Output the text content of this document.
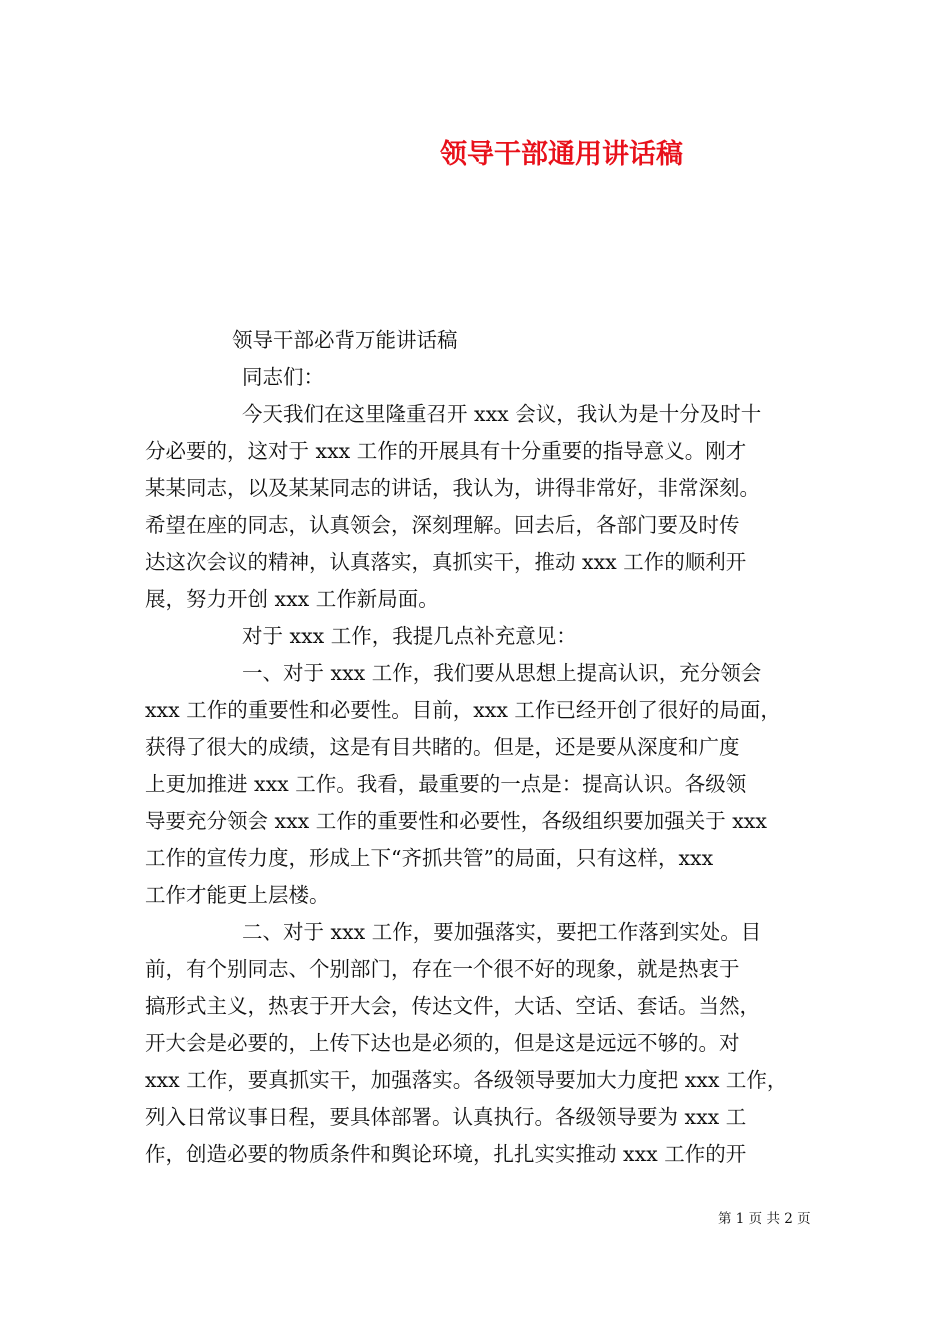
领导干部通用讲话稿
领导干部必背万能讲话稿
同志们：
今天我们在这里隆重召开 xxx 会议，我认为是十分及时十
分必要的，这对于 xxx 工作的开展具有十分重要的指导意义。刚才
某某同志，以及某某同志的讲话，我认为，讲得非常好，非常深刻。
希望在座的同志，认真领会，深刻理解。回去后，各部门要及时传
达这次会议的精神，认真落实，真抓实干，推动 xxx 工作的顺利开
展，努力开创 xxx 工作新局面。
对于 xxx 工作，我提几点补充意见：
一、对于 xxx 工作，我们要从思想上提高认识，充分领会
xxx 工作的重要性和必要性。目前，xxx 工作已经开创了很好的局面，
获得了很大的成绩，这是有目共睹的。但是，还是要从深度和广度
上更加推进 xxx 工作。我看，最重要的一点是：提高认识。各级领
导要充分领会 xxx 工作的重要性和必要性，各级组织要加强关于 xxx
工作的宣传力度，形成上下“齐抓共管”的局面，只有这样，xxx
工作才能更上层楼。
二、对于 xxx 工作，要加强落实，要把工作落到实处。目
前，有个别同志、个别部门，存在一个很不好的现象，就是热衷于
搞形式主义，热衷于开大会，传达文件，大话、空话、套话。当然，
开大会是必要的，上传下达也是必须的，但是这是远远不够的。对
xxx 工作，要真抓实干，加强落实。各级领导要加大力度把 xxx 工作，
列入日常议事日程，要具体部署。认真执行。各级领导要为 xxx 工
作，创造必要的物质条件和舆论环境，扎扎实实推动 xxx 工作的开
第 1 页 共 2 页
